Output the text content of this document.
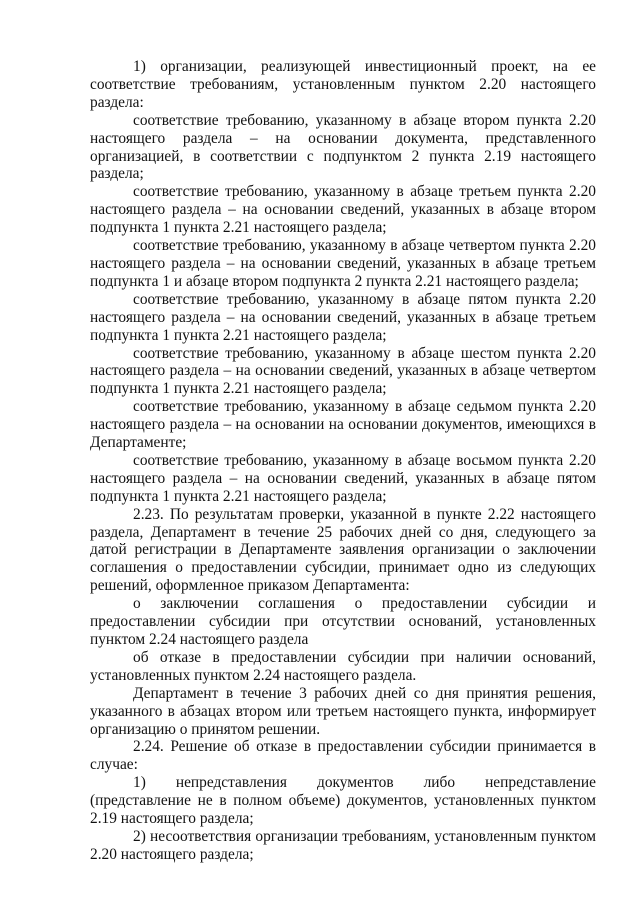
1) организации, реализующей инвестиционный проект, на ее соответствие требованиям, установленным пунктом 2.20 настоящего раздела:

соответствие требованию, указанному в абзаце втором пункта 2.20 настоящего раздела – на основании документа, представленного организацией, в соответствии с подпунктом 2 пункта 2.19 настоящего раздела;

соответствие требованию, указанному в абзаце третьем пункта 2.20 настоящего раздела – на основании сведений, указанных в абзаце втором подпункта 1 пункта 2.21 настоящего раздела;

соответствие требованию, указанному в абзаце четвертом пункта 2.20 настоящего раздела – на основании сведений, указанных в абзаце третьем подпункта 1 и абзаце втором подпункта 2 пункта 2.21 настоящего раздела;

соответствие требованию, указанному в абзаце пятом пункта 2.20 настоящего раздела – на основании сведений, указанных в абзаце третьем подпункта 1 пункта 2.21 настоящего раздела;

соответствие требованию, указанному в абзаце шестом пункта 2.20 настоящего раздела – на основании сведений, указанных в абзаце четвертом подпункта 1 пункта 2.21 настоящего раздела;

соответствие требованию, указанному в абзаце седьмом пункта 2.20 настоящего раздела – на основании на основании документов, имеющихся в Департаменте;

соответствие требованию, указанному в абзаце восьмом пункта 2.20 настоящего раздела – на основании сведений, указанных в абзаце пятом подпункта 1 пункта 2.21 настоящего раздела;

2.23. По результатам проверки, указанной в пункте 2.22 настоящего раздела, Департамент в течение 25 рабочих дней со дня, следующего за датой регистрации в Департаменте заявления организации о заключении соглашения о предоставлении субсидии, принимает одно из следующих решений, оформленное приказом Департамента:

о заключении соглашения о предоставлении субсидии и предоставлении субсидии при отсутствии оснований, установленных пунктом 2.24 настоящего раздела

об отказе в предоставлении субсидии при наличии оснований, установленных пунктом 2.24 настоящего раздела.

Департамент в течение 3 рабочих дней со дня принятия решения, указанного в абзацах втором или третьем настоящего пункта, информирует организацию о принятом решении.

2.24. Решение об отказе в предоставлении субсидии принимается в случае:

1) непредставления документов либо непредставление (представление не в полном объеме) документов, установленных пунктом 2.19 настоящего раздела;

2) несоответствия организации требованиям, установленным пунктом 2.20 настоящего раздела;
